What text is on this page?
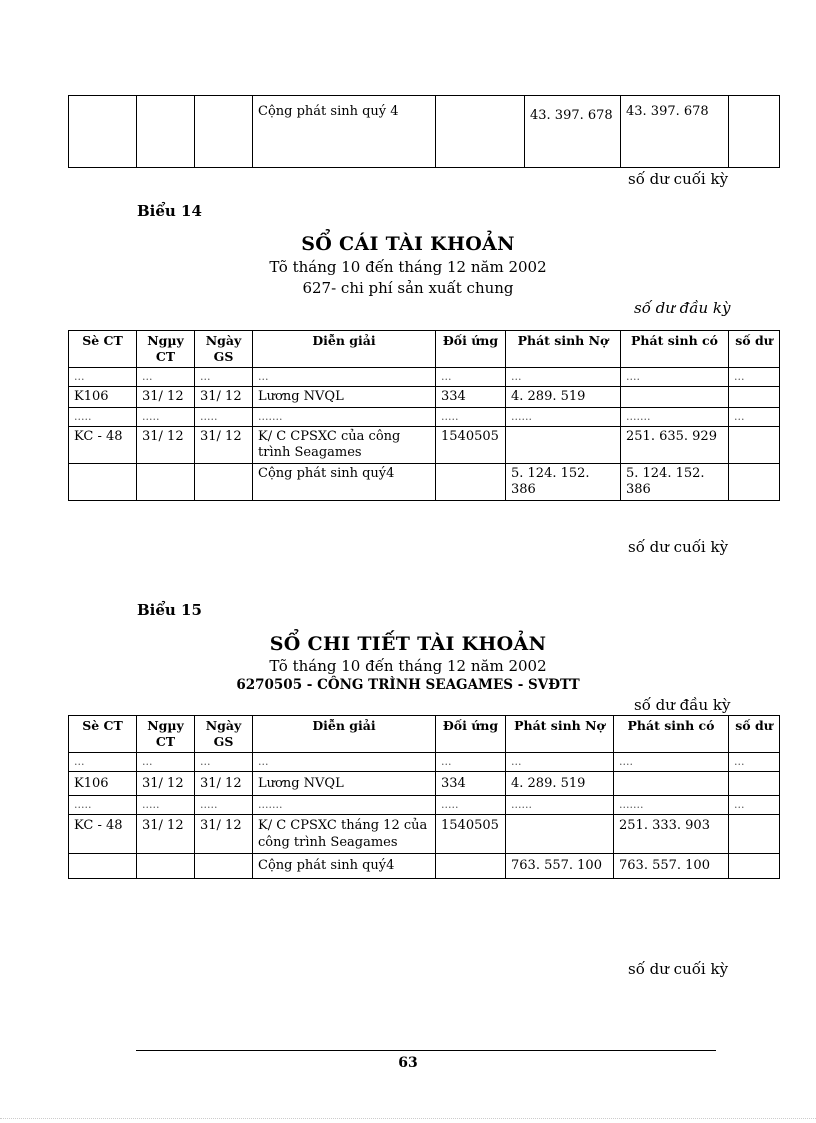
			Cộng phát sinh quý 4		43. 397. 678	43. 397. 678	
số dư cuối kỳ
Biểu 14
SỔ CÁI TÀI KHOẢN
Tõ tháng 10 đến tháng 12 năm 2002
627- chi phí sản xuất chung
số dư đầu kỳ
Sè CT	Ngµy CT	Ngày GS	Diễn giải	Đối ứng	Phát sinh Nợ	Phát sinh có	số dư
...	...	...	...	...	...	....	...
K106	31/ 12	31/ 12	Lương NVQL	334	4. 289. 519		
.....	.....	.....	.......	.....	......	.......	...
KC - 48	31/ 12	31/ 12	K/ C CPSXC của công trình Seagames	1540505		251. 635. 929	
			Cộng phát sinh quý4		5. 124. 152. 386	5. 124. 152. 386	
số dư cuối kỳ
Biểu 15
SỔ CHI TIẾT TÀI KHOẢN
Tõ tháng 10 đến tháng 12 năm 2002
6270505 - CÔNG TRÌNH SEAGAMES - SVĐTT
số dư đầu kỳ
Sè CT	Ngµy CT	Ngày GS	Diễn giải	Đối ứng	Phát sinh Nợ	Phát sinh có	số dư
...	...	...	...	...	...	....	...
K106	31/ 12	31/ 12	Lương NVQL	334	4. 289. 519		
.....	.....	.....	.......	.....	......	.......	...
KC - 48	31/ 12	31/ 12	K/ C CPSXC tháng 12 của công trình Seagames	1540505		251. 333. 903	
			Cộng phát sinh quý4		763. 557. 100	763. 557. 100	
số dư cuối kỳ
63
